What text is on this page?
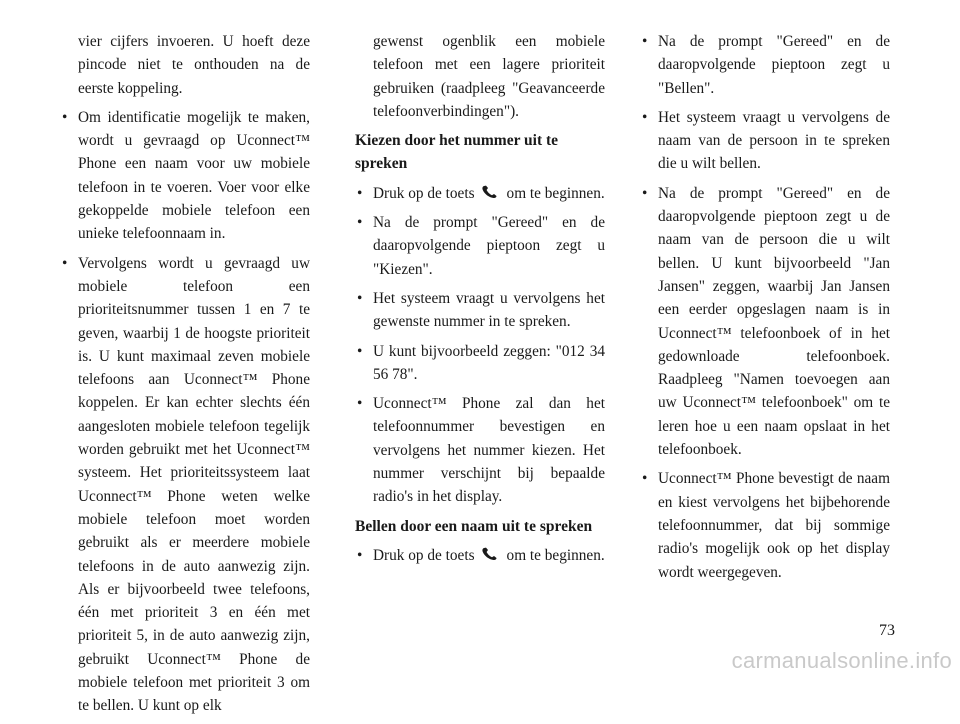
vier cijfers invoeren. U hoeft deze pincode niet te onthouden na de eerste koppeling.

• Om identificatie mogelijk te maken, wordt u gevraagd op Uconnect™ Phone een naam voor uw mobiele telefoon in te voeren. Voer voor elke gekoppelde mobiele telefoon een unieke telefoonnaam in.
• Vervolgens wordt u gevraagd uw mobiele telefoon een prioriteitsnummer tussen 1 en 7 te geven, waarbij 1 de hoogste prioriteit is. U kunt maximaal zeven mobiele telefoons aan Uconnect™ Phone koppelen. Er kan echter slechts één aangesloten mobiele telefoon tegelijk worden gebruikt met het Uconnect™ systeem. Het prioriteitssysteem laat Uconnect™ Phone weten welke mobiele telefoon moet worden gebruikt als er meerdere mobiele telefoons in de auto aanwezig zijn. Als er bijvoorbeeld twee telefoons, één met prioriteit 3 en één met prioriteit 5, in de auto aanwezig zijn, gebruikt Uconnect™ Phone de mobiele telefoon met prioriteit 3 om te bellen. U kunt op elk

gewenst ogenblik een mobiele telefoon met een lagere prioriteit gebruiken (raadpleeg "Geavanceerde telefoonverbindingen").

Kiezen door het nummer uit te spreken
• Druk op de toets om te beginnen.
• Na de prompt "Gereed" en de daaropvolgende pieptoon zegt u "Kiezen".
• Het systeem vraagt u vervolgens het gewenste nummer in te spreken.
• U kunt bijvoorbeeld zeggen: "012 34 56 78".
• Uconnect™ Phone zal dan het telefoonnummer bevestigen en vervolgens het nummer kiezen. Het nummer verschijnt bij bepaalde radio's in het display.
Bellen door een naam uit te spreken
• Druk op de toets om te beginnen.
• Na de prompt "Gereed" en de daaropvolgende pieptoon zegt u "Bellen".
• Het systeem vraagt u vervolgens de naam van de persoon in te spreken die u wilt bellen.
• Na de prompt "Gereed" en de daaropvolgende pieptoon zegt u de naam van de persoon die u wilt bellen. U kunt bijvoorbeeld "Jan Jansen" zeggen, waarbij Jan Jansen een eerder opgeslagen naam is in Uconnect™ telefoonboek of in het gedownloade telefoonboek. Raadpleeg "Namen toevoegen aan uw Uconnect™ telefoonboek" om te leren hoe u een naam opslaat in het telefoonboek.
• Uconnect™ Phone bevestigt de naam en kiest vervolgens het bijbehorende telefoonnummer, dat bij sommige radio's mogelijk ook op het display wordt weergegeven.
73
carmanualsonline.info
